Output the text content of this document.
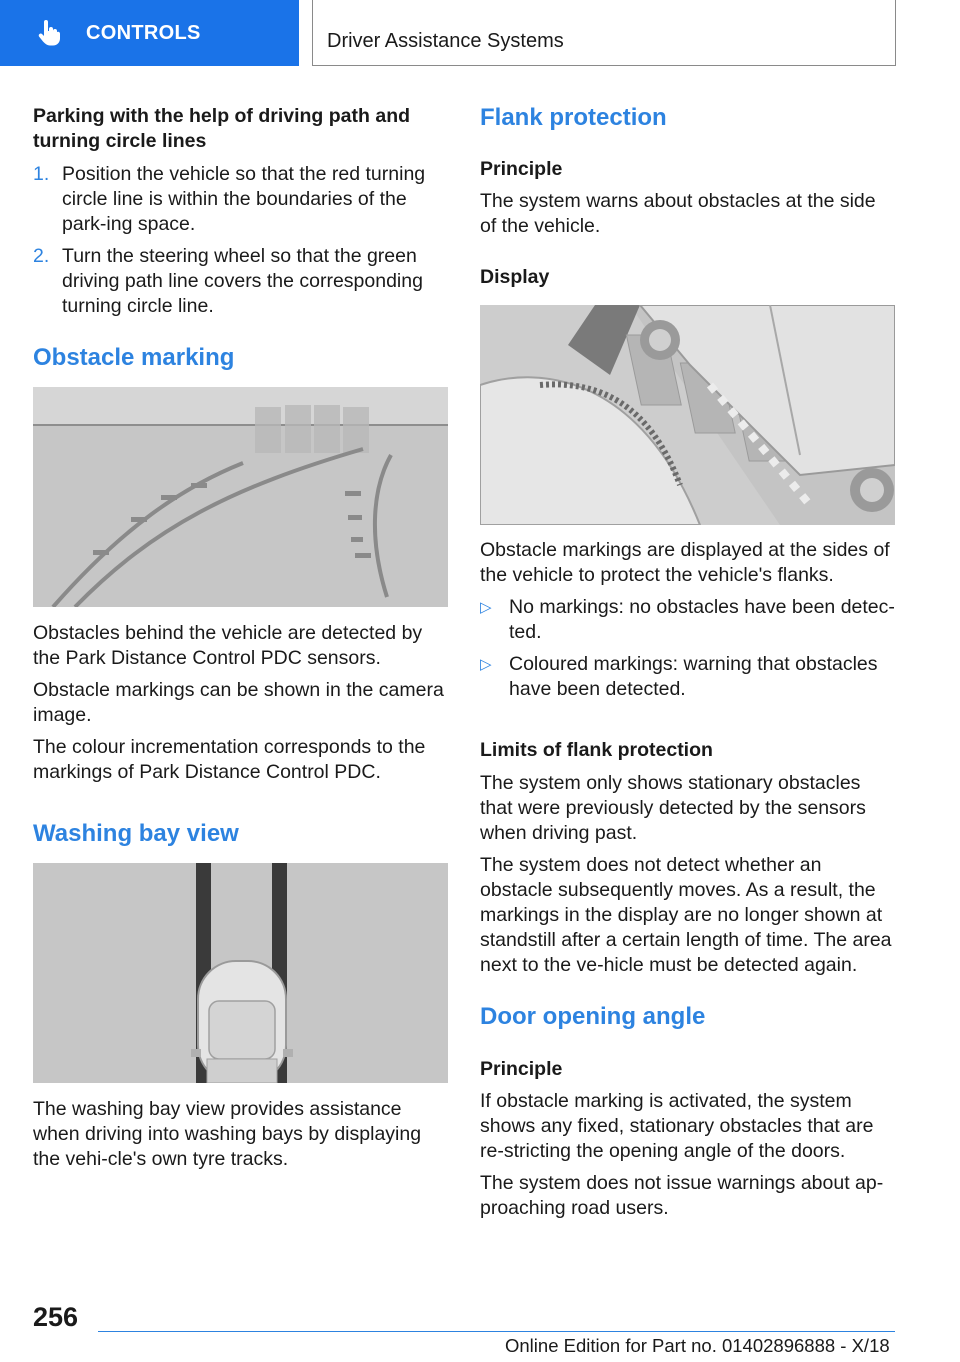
CONTROLS	Driver Assistance Systems
Parking with the help of driving path and turning circle lines
1. Position the vehicle so that the red turning circle line is within the boundaries of the park-ing space.
2. Turn the steering wheel so that the green driving path line covers the corresponding turning circle line.
Obstacle marking
Obstacles behind the vehicle are detected by the Park Distance Control PDC sensors.
Obstacle markings can be shown in the camera image.
The colour incrementation corresponds to the markings of Park Distance Control PDC.
Washing bay view
The washing bay view provides assistance when driving into washing bays by displaying the vehi-cle's own tyre tracks.
Flank protection
Principle
The system warns about obstacles at the side of the vehicle.
Display
Obstacle markings are displayed at the sides of the vehicle to protect the vehicle's flanks.
▷ No markings: no obstacles have been detec-ted.
▷ Coloured markings: warning that obstacles have been detected.
Limits of flank protection
The system only shows stationary obstacles that were previously detected by the sensors when driving past.
The system does not detect whether an obstacle subsequently moves. As a result, the markings in the display are no longer shown at standstill after a certain length of time. The area next to the ve-hicle must be detected again.
Door opening angle
Principle
If obstacle marking is activated, the system shows any fixed, stationary obstacles that are re-stricting the opening angle of the doors.
The system does not issue warnings about ap-proaching road users.
256
Online Edition for Part no. 01402896888 - X/18
